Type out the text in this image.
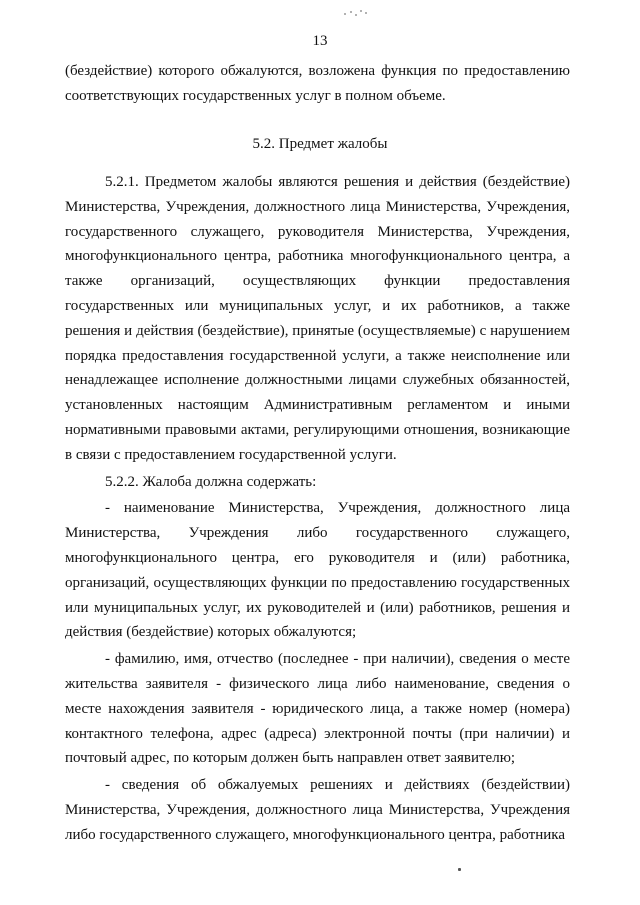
13

(бездействие) которого обжалуются, возложена функция по предоставлению соответствующих государственных услуг в полном объеме.

5.2. Предмет жалобы

5.2.1. Предметом жалобы являются решения и действия (бездействие) Министерства, Учреждения, должностного лица Министерства, Учреждения, государственного служащего, руководителя Министерства, Учреждения, многофункционального центра, работника многофункционального центра, а также организаций, осуществляющих функции предоставления государственных или муниципальных услуг, и их работников, а также решения и действия (бездействие), принятые (осуществляемые) с нарушением порядка предоставления государственной услуги, а также неисполнение или ненадлежащее исполнение должностными лицами служебных обязанностей, установленных настоящим Административным регламентом и иными нормативными правовыми актами, регулирующими отношения, возникающие в связи с предоставлением государственной услуги.

5.2.2. Жалоба должна содержать:

- наименование Министерства, Учреждения, должностного лица Министерства, Учреждения либо государственного служащего, многофункционального центра, его руководителя и (или) работника, организаций, осуществляющих функции по предоставлению государственных или муниципальных услуг, их руководителей и (или) работников, решения и действия (бездействие) которых обжалуются;

- фамилию, имя, отчество (последнее - при наличии), сведения о месте жительства заявителя - физического лица либо наименование, сведения о месте нахождения заявителя - юридического лица, а также номер (номера) контактного телефона, адрес (адреса) электронной почты (при наличии) и почтовый адрес, по которым должен быть направлен ответ заявителю;

- сведения об обжалуемых решениях и действиях (бездействии) Министерства, Учреждения, должностного лица Министерства, Учреждения либо государственного служащего, многофункционального центра, работника
